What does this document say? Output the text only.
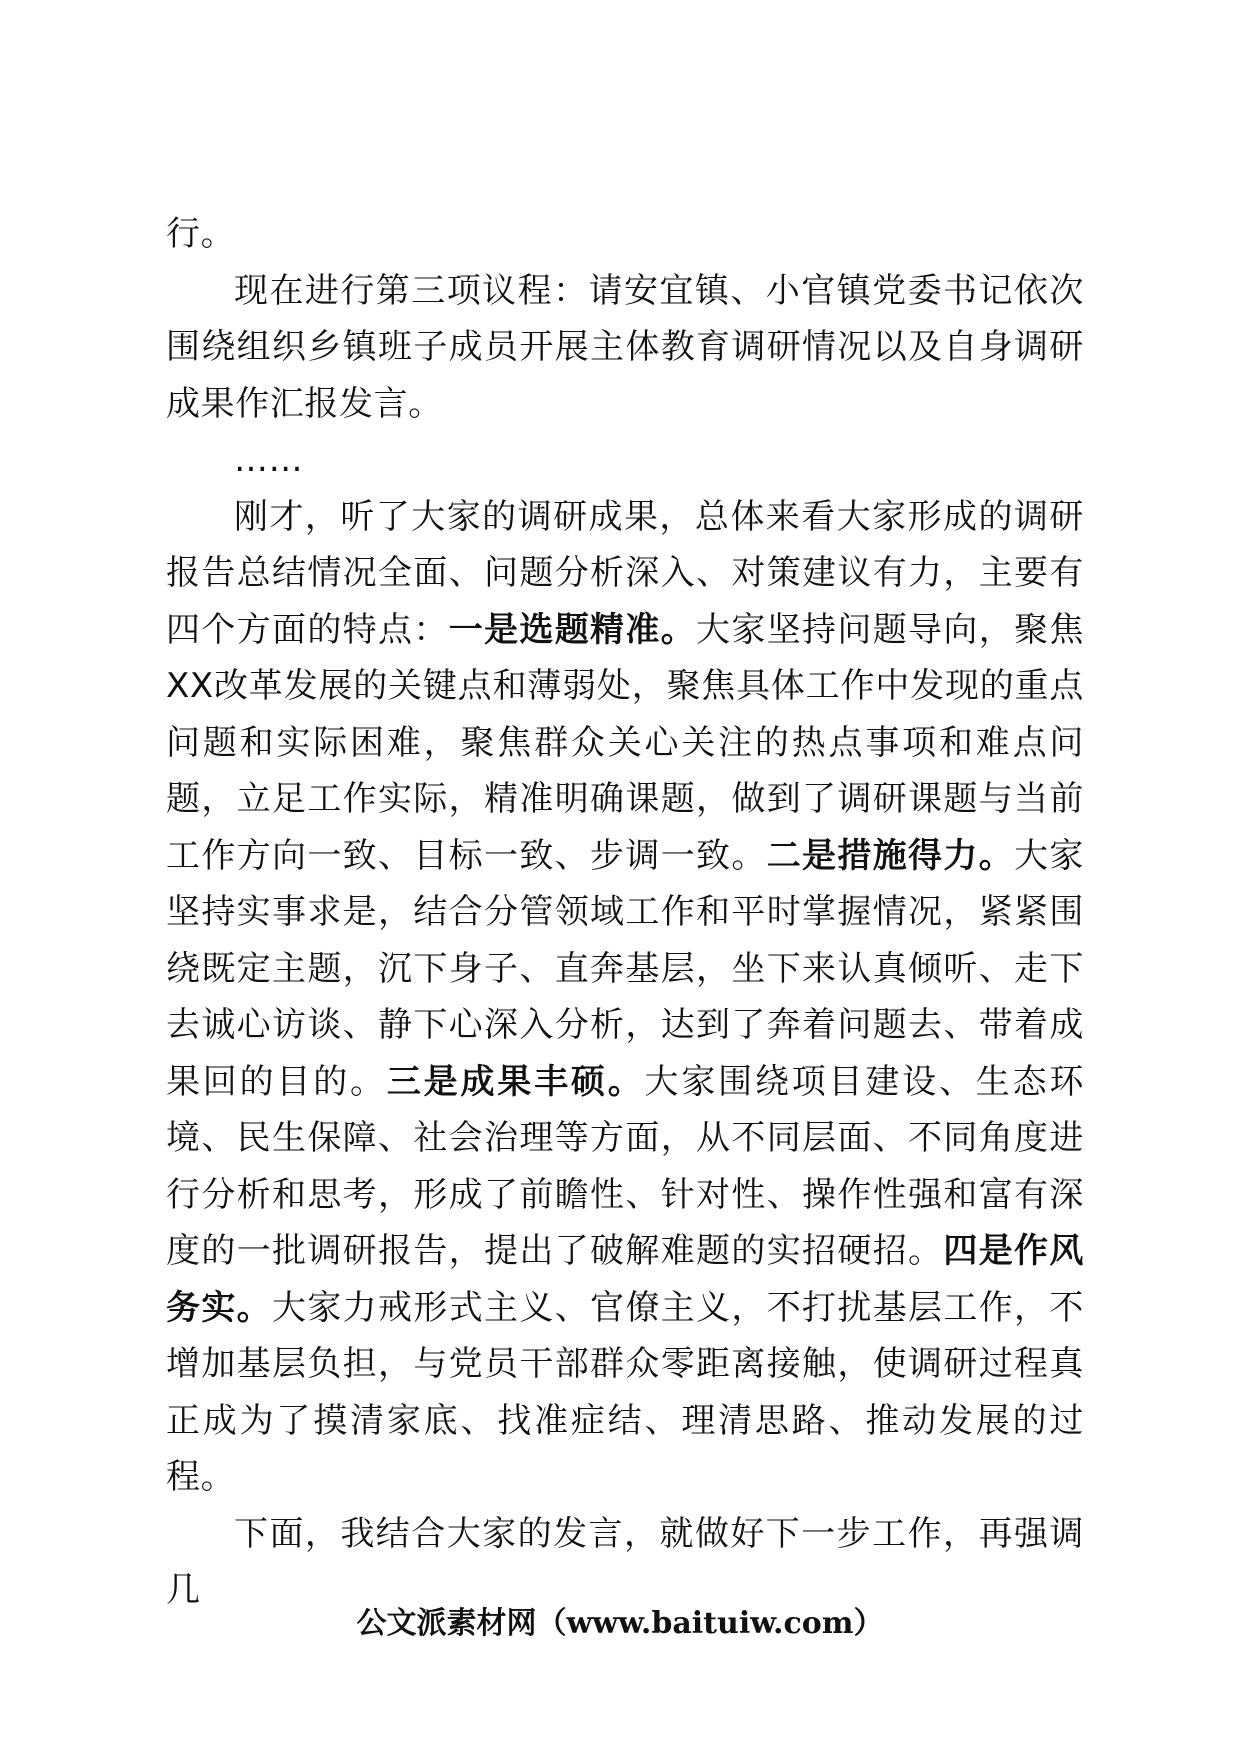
行。

现在进行第三项议程：请安宜镇、小官镇党委书记依次围绕组织乡镇班子成员开展主体教育调研情况以及自身调研成果作汇报发言。

……

刚才，听了大家的调研成果，总体来看大家形成的调研报告总结情况全面、问题分析深入、对策建议有力，主要有四个方面的特点：一是选题精准。大家坚持问题导向，聚焦XX改革发展的关键点和薄弱处，聚焦具体工作中发现的重点问题和实际困难，聚焦群众关心关注的热点事项和难点问题，立足工作实际，精准明确课题，做到了调研课题与当前工作方向一致、目标一致、步调一致。二是措施得力。大家坚持实事求是，结合分管领域工作和平时掌握情况，紧紧围绕既定主题，沉下身子、直奔基层，坐下来认真倾听、走下去诚心访谈、静下心深入分析，达到了奔着问题去、带着成果回的目的。三是成果丰硕。大家围绕项目建设、生态环境、民生保障、社会治理等方面，从不同层面、不同角度进行分析和思考，形成了前瞻性、针对性、操作性强和富有深度的一批调研报告，提出了破解难题的实招硬招。四是作风务实。大家力戒形式主义、官僚主义，不打扰基层工作，不增加基层负担，与党员干部群众零距离接触，使调研过程真正成为了摸清家底、找准症结、理清思路、推动发展的过程。

下面，我结合大家的发言，就做好下一步工作，再强调几

公文派素材网（www.baituiw.com）
